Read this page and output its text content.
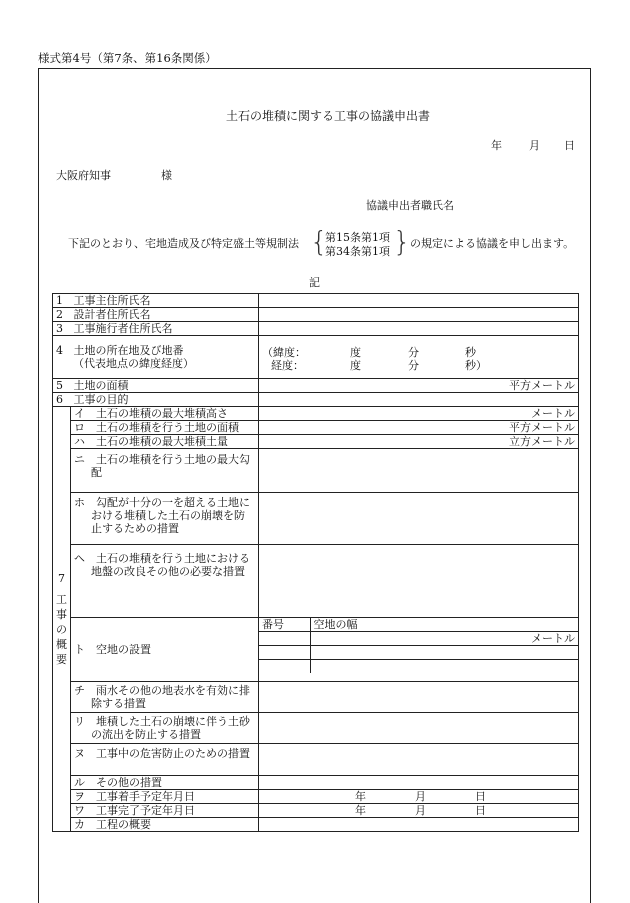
様式第4号（第7条、第16条関係）
土石の堆積に関する工事の協議申出書
年 月 日
大阪府知事	様
協議申出者職氏名
下記のとおり、宅地造成及び特定盛土等規制法 {
第15条第1項
第34条第1項 } の規定による協議を申し出ます。
記
1 工事主住所氏名	
2 設計者住所氏名	
3 工事施行者住所氏名	

4 土地の所在地及び地番
（代表地点の緯度経度）

（緯度：	度	分	秒
経度：	度	分	秒）

5 土地の面積	平方メートル
6 工事の目的	

7
工
事
の
概
要
	イ　 土石の堆積の最大堆積高さ	メートル
ロ　 土石の堆積を行う土地の面積	平方メートル
ハ　 土石の堆積の最大堆積土量	立方メートル
ニ　 土石の堆積を行う土地の最大勾配	
ホ　 勾配が十分の一を超える土地における堆積した土石の崩壊を防止するための措置	
ヘ　 土石の堆積を行う土地における地盤の改良その他の必要な措置	
ト　 空地の設置	
番号	空地の幅
	メートル

チ　 雨水その他の地表水を有効に排除する措置	
リ　 堆積した土石の崩壊に伴う土砂の流出を防止する措置	
ヌ　 工事中の危害防止のための措置	
ル　 その他の措置	
ヲ　 工事着手予定年月日	年	月	日
ワ　 工事完了予定年月日	年	月	日
カ　 工程の概要	
